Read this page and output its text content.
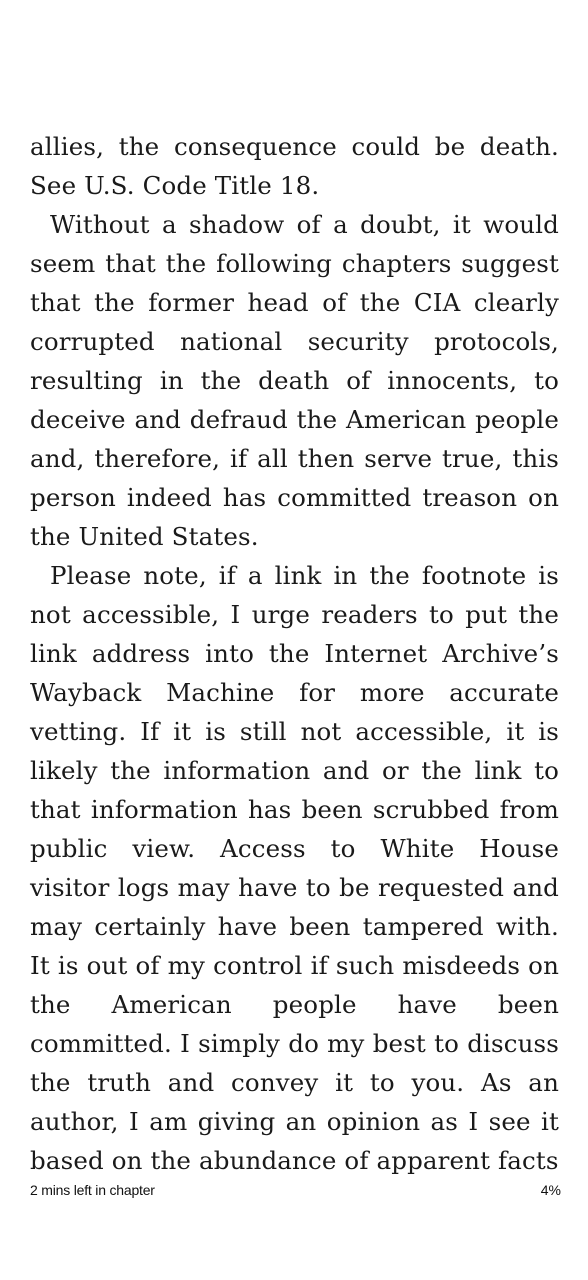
allies, the consequence could be death. See U.S. Code Title 18.

Without a shadow of a doubt, it would seem that the following chapters suggest that the former head of the CIA clearly corrupted national security protocols, resulting in the death of innocents, to deceive and defraud the American people and, therefore, if all then serve true, this person indeed has committed treason on the United States.

Please note, if a link in the footnote is not accessible, I urge readers to put the link address into the Internet Archive’s Wayback Machine for more accurate vetting. If it is still not accessible, it is likely the information and or the link to that information has been scrubbed from public view. Access to White House visitor logs may have to be requested and may certainly have been tampered with. It is out of my control if such misdeeds on the American people have been committed. I simply do my best to discuss the truth and convey it to you. As an author, I am giving an opinion as I see it based on the abundance of apparent facts

2 mins left in chapter	4%
